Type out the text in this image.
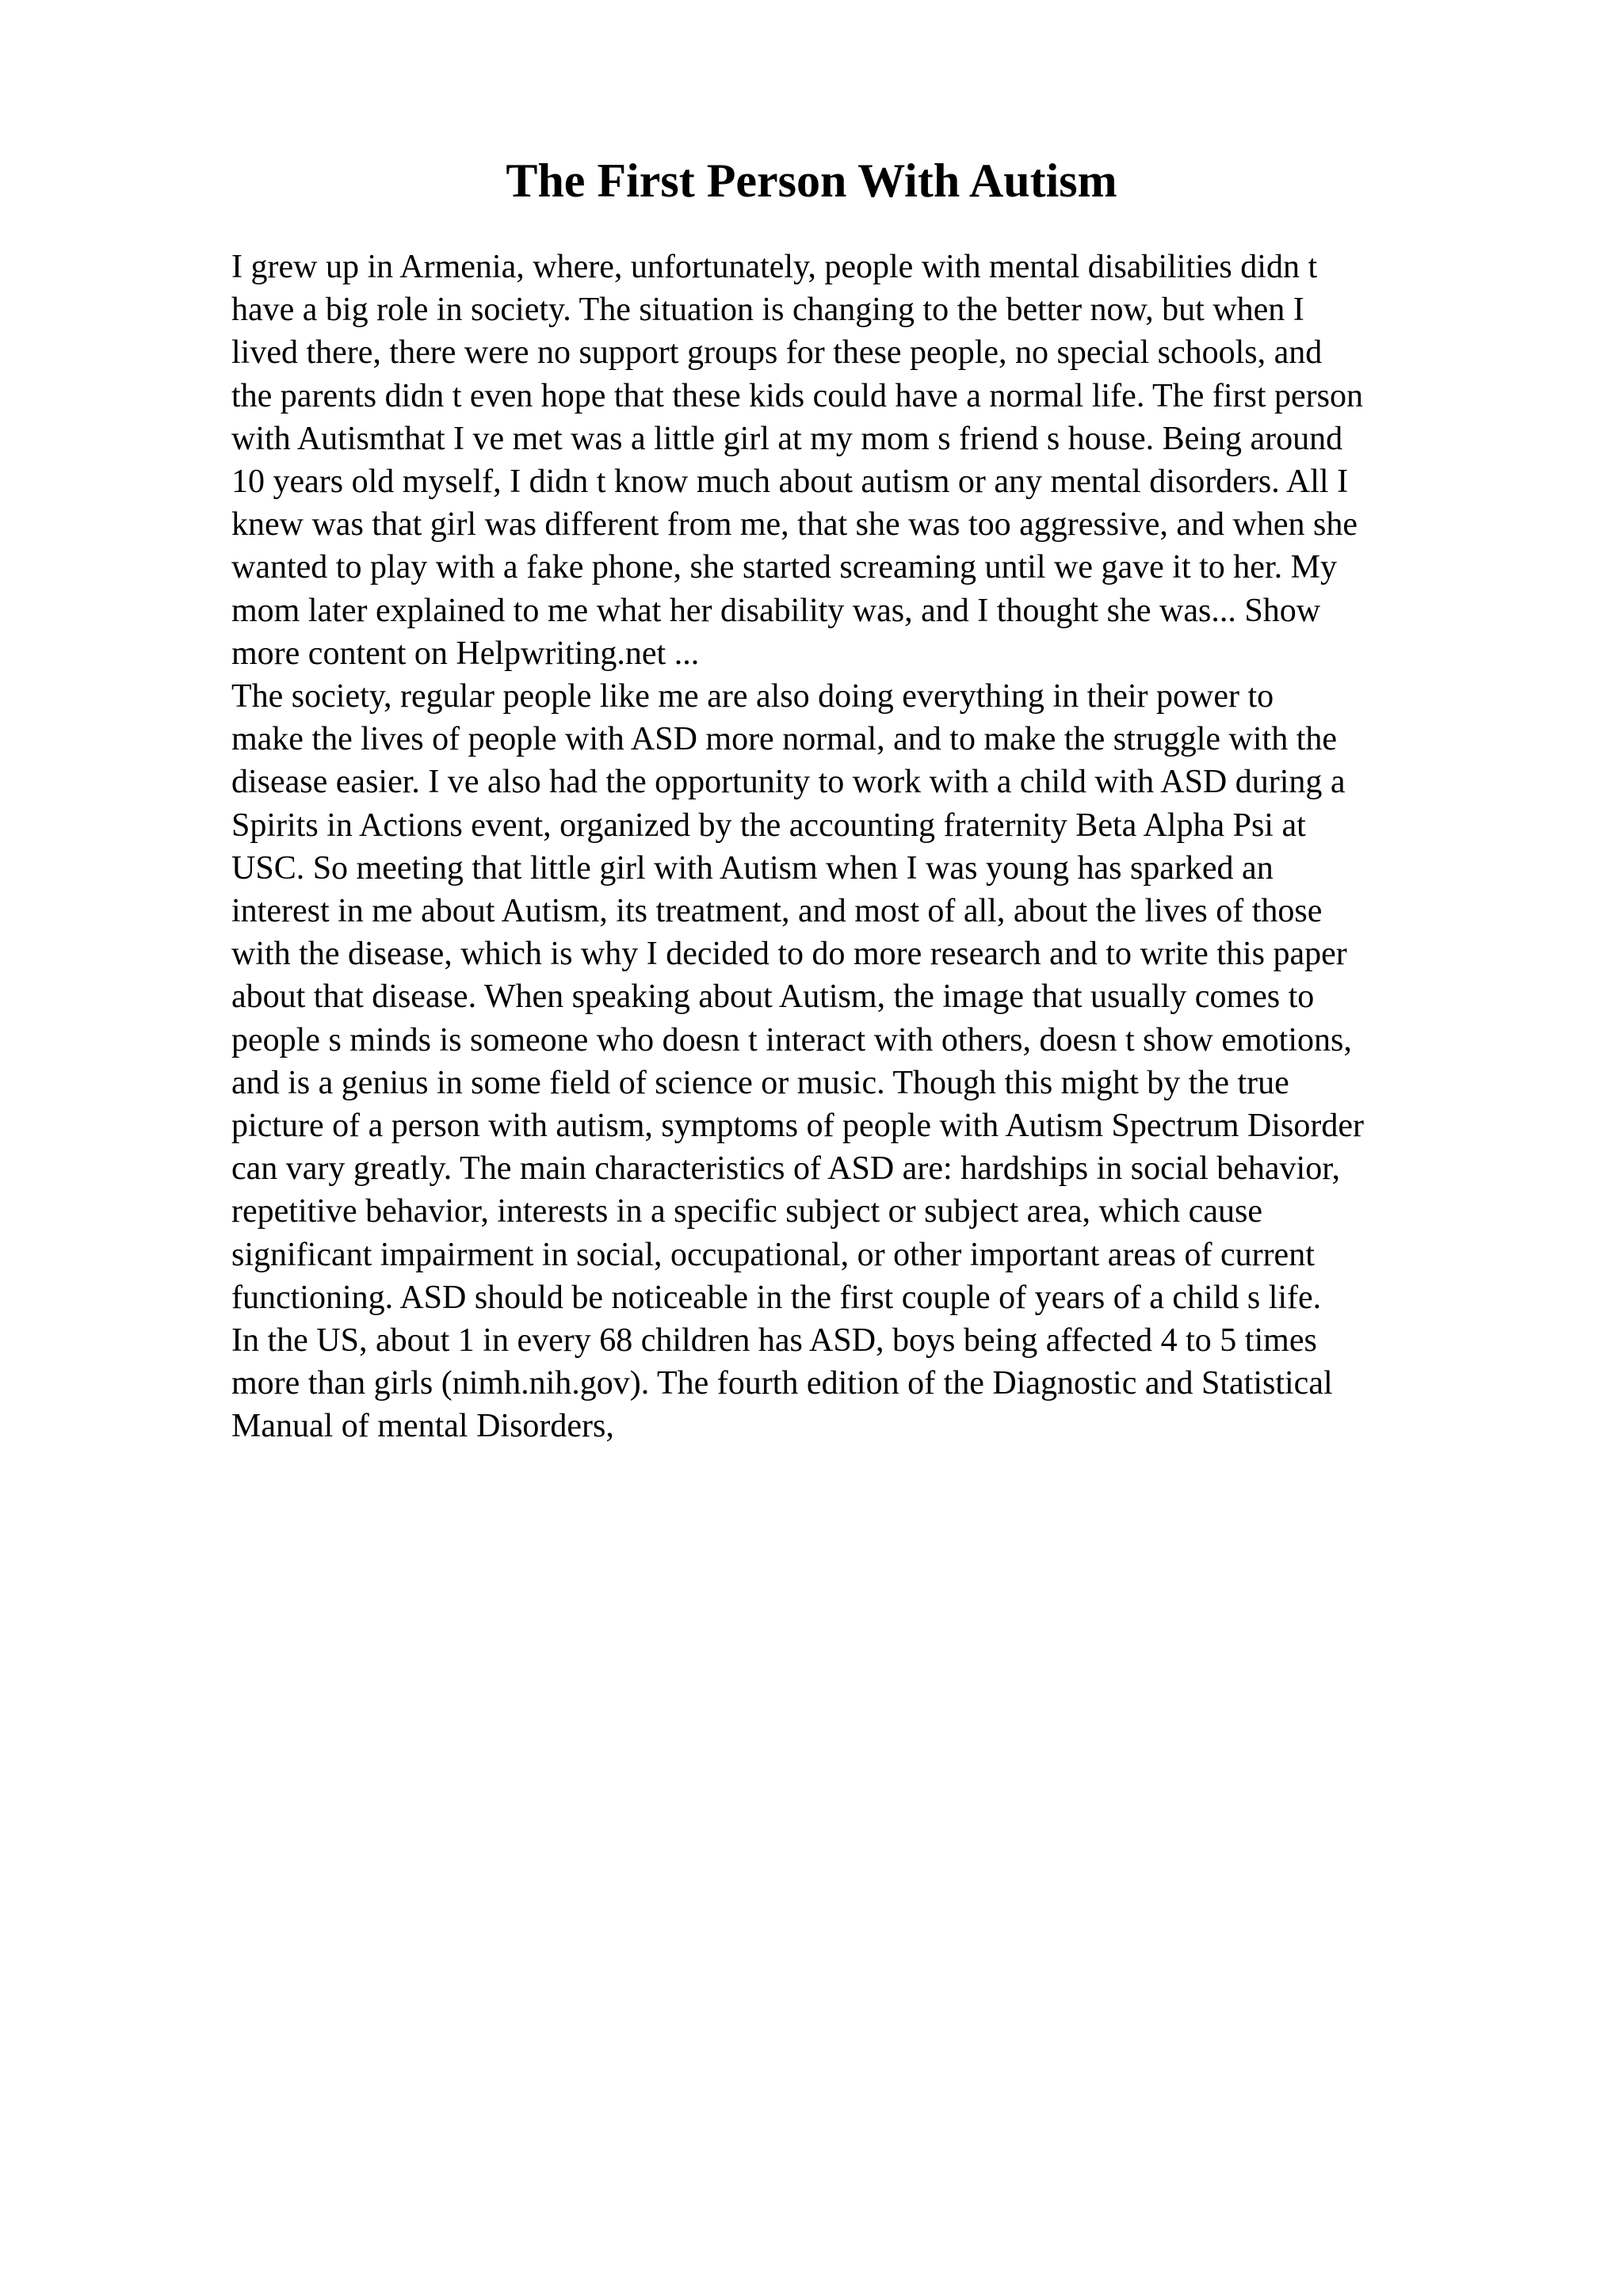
The First Person With Autism
I grew up in Armenia, where, unfortunately, people with mental disabilities didn t
have a big role in society. The situation is changing to the better now, but when I
lived there, there were no support groups for these people, no special schools, and
the parents didn t even hope that these kids could have a normal life. The first person
with Autismthat I ve met was a little girl at my mom s friend s house. Being around
10 years old myself, I didn t know much about autism or any mental disorders. All I
knew was that girl was different from me, that she was too aggressive, and when she
wanted to play with a fake phone, she started screaming until we gave it to her. My
mom later explained to me what her disability was, and I thought she was... Show
more content on Helpwriting.net ...
The society, regular people like me are also doing everything in their power to
make the lives of people with ASD more normal, and to make the struggle with the
disease easier. I ve also had the opportunity to work with a child with ASD during a
Spirits in Actions event, organized by the accounting fraternity Beta Alpha Psi at
USC. So meeting that little girl with Autism when I was young has sparked an
interest in me about Autism, its treatment, and most of all, about the lives of those
with the disease, which is why I decided to do more research and to write this paper
about that disease. When speaking about Autism, the image that usually comes to
people s minds is someone who doesn t interact with others, doesn t show emotions,
and is a genius in some field of science or music. Though this might by the true
picture of a person with autism, symptoms of people with Autism Spectrum Disorder
can vary greatly. The main characteristics of ASD are: hardships in social behavior,
repetitive behavior, interests in a specific subject or subject area, which cause
significant impairment in social, occupational, or other important areas of current
functioning. ASD should be noticeable in the first couple of years of a child s life.
In the US, about 1 in every 68 children has ASD, boys being affected 4 to 5 times
more than girls (nimh.nih.gov). The fourth edition of the Diagnostic and Statistical
Manual of mental Disorders,
